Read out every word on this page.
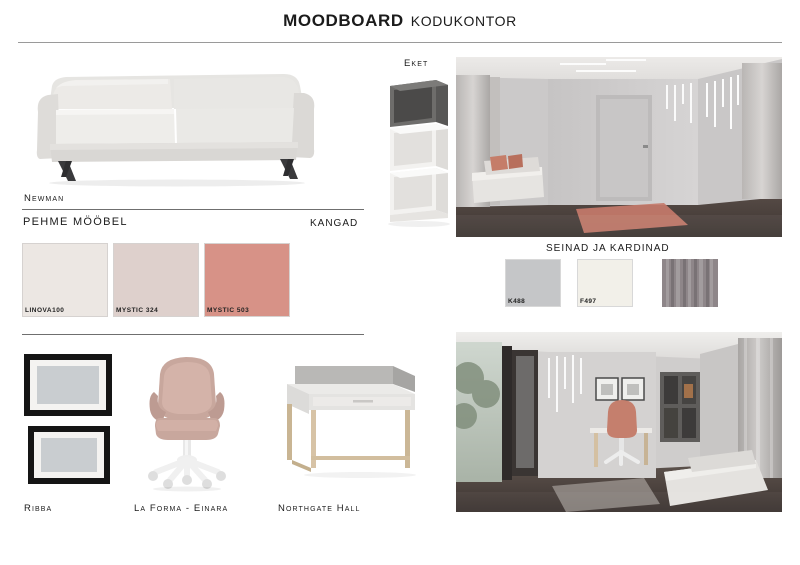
MOODBOARD KODUKONTOR
Newman
PEHME MÖÖBEL	KANGAD
LINOVA100	MYSTIC 324	MYSTIC 503
Eket
SEINAD JA KARDINAD
K488	F497
Ribba	La Forma - Einara	Northgate Hall
